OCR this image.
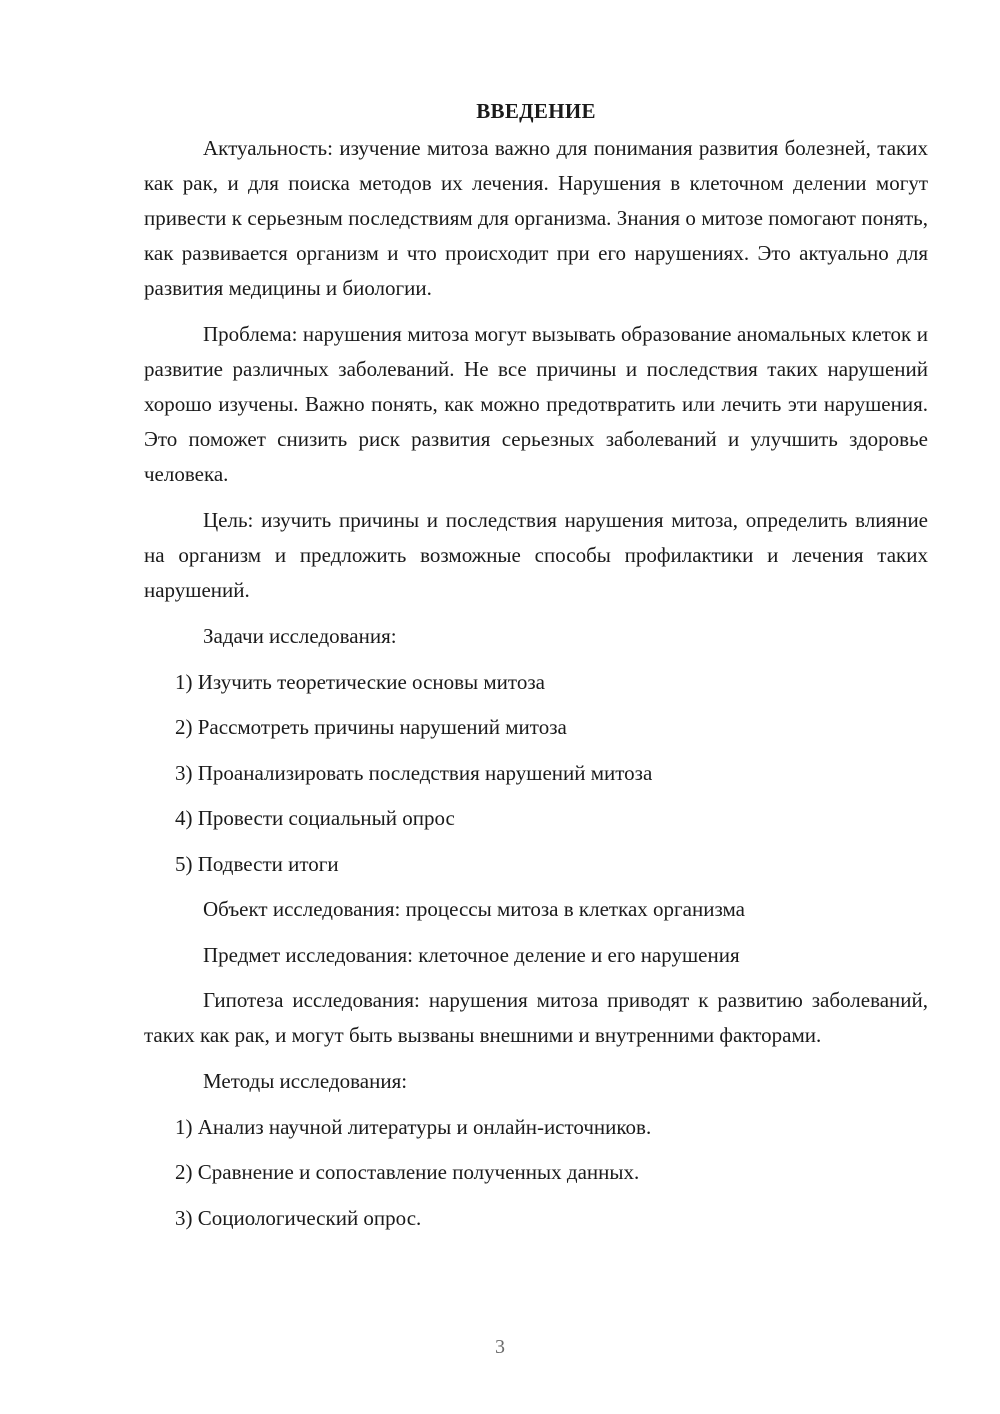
ВВЕДЕНИЕ

Актуальность: изучение митоза важно для понимания развития болезней, таких как рак, и для поиска методов их лечения. Нарушения в клеточном делении могут привести к серьезным последствиям для организма. Знания о митозе помогают понять, как развивается организм и что происходит при его нарушениях. Это актуально для развития медицины и биологии.

Проблема: нарушения митоза могут вызывать образование аномальных клеток и развитие различных заболеваний. Не все причины и последствия таких нарушений хорошо изучены. Важно понять, как можно предотвратить или лечить эти нарушения. Это поможет снизить риск развития серьезных заболеваний и улучшить здоровье человека.

Цель: изучить причины и последствия нарушения митоза, определить влияние на организм и предложить возможные способы профилактики и лечения таких нарушений.

Задачи исследования:
1) Изучить теоретические основы митоза
2) Рассмотреть причины нарушений митоза
3) Проанализировать последствия нарушений митоза
4) Провести социальный опрос
5) Подвести итоги
Объект исследования: процессы митоза в клетках организма
Предмет исследования: клеточное деление и его нарушения

Гипотеза исследования: нарушения митоза приводят к развитию заболеваний, таких как рак, и могут быть вызваны внешними и внутренними факторами.

Методы исследования:
1) Анализ научной литературы и онлайн-источников.
2) Сравнение и сопоставление полученных данных.
3) Социологический опрос.
3
